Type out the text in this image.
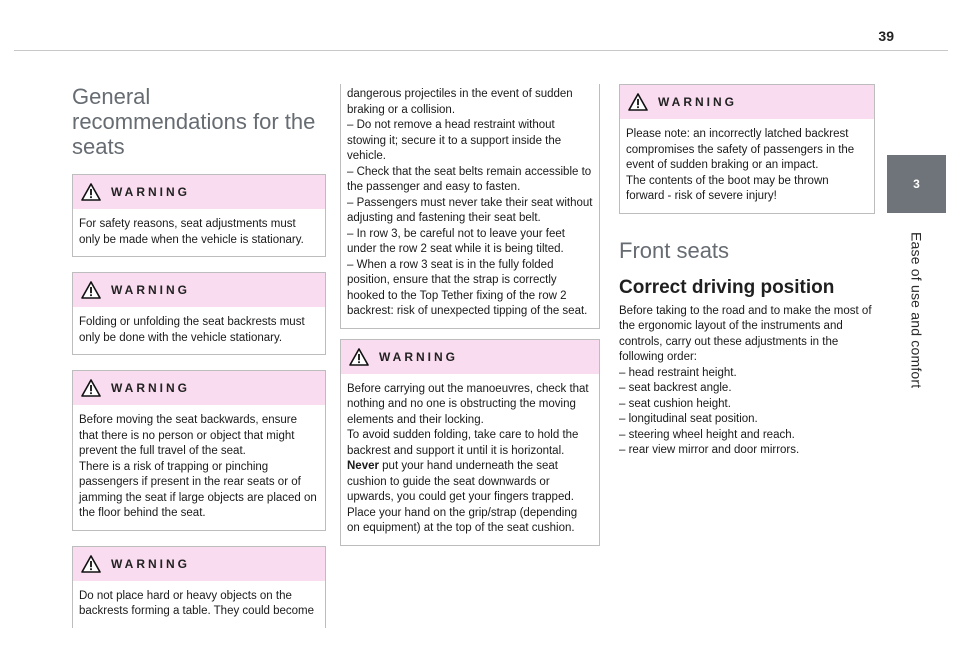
39
3
Ease of use and comfort
General recommendations for the seats
WARNING

For safety reasons, seat adjustments must only be made when the vehicle is stationary.

WARNING

Folding or unfolding the seat backrests must only be done with the vehicle stationary.

WARNING

Before moving the seat backwards, ensure that there is no person or object that might prevent the full travel of the seat.

There is a risk of trapping or pinching passengers if present in the rear seats or of jamming the seat if large objects are placed on the floor behind the seat.

WARNING

Do not place hard or heavy objects on the backrests forming a table. They could become

dangerous projectiles in the event of sudden braking or a collision.

– Do not remove a head restraint without stowing it; secure it to a support inside the vehicle.

– Check that the seat belts remain accessible to the passenger and easy to fasten.

– Passengers must never take their seat without adjusting and fastening their seat belt.

– In row 3, be careful not to leave your feet under the row 2 seat while it is being tilted.

– When a row 3 seat is in the fully folded position, ensure that the strap is correctly hooked to the Top Tether fixing of the row 2 backrest: risk of unexpected tipping of the seat.

WARNING

Before carrying out the manoeuvres, check that nothing and no one is obstructing the moving elements and their locking.

To avoid sudden folding, take care to hold the backrest and support it until it is horizontal.

Never put your hand underneath the seat cushion to guide the seat downwards or upwards, you could get your fingers trapped.

Place your hand on the grip/strap (depending on equipment) at the top of the seat cushion.

WARNING

Please note: an incorrectly latched backrest compromises the safety of passengers in the event of sudden braking or an impact.

The contents of the boot may be thrown forward - risk of severe injury!

Front seats
Correct driving position

Before taking to the road and to make the most of the ergonomic layout of the instruments and controls, carry out these adjustments in the following order:

– head restraint height.

– seat backrest angle.

– seat cushion height.

– longitudinal seat position.

– steering wheel height and reach.

– rear view mirror and door mirrors.
